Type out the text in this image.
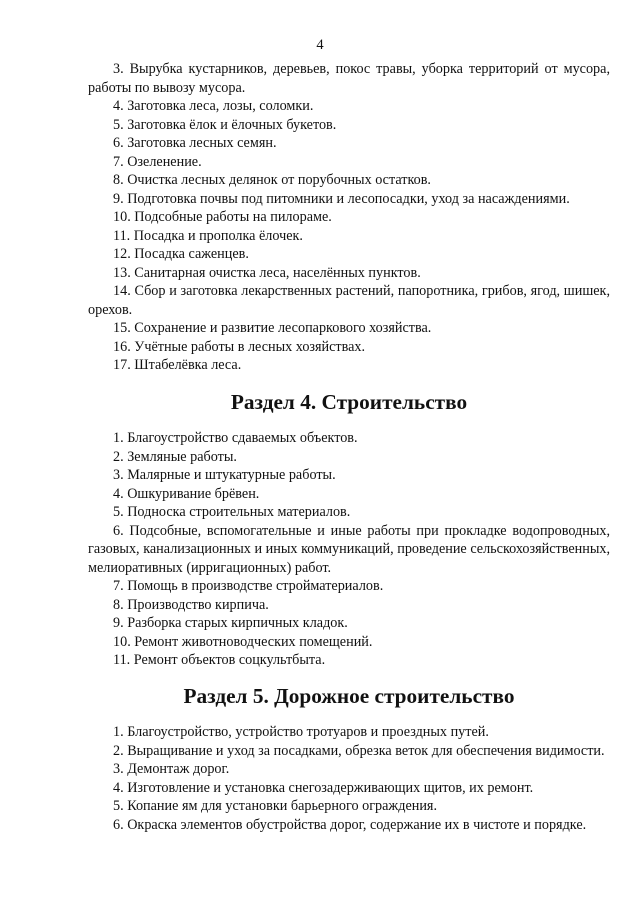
4

3. Вырубка кустарников, деревьев, покос травы, уборка территорий от мусора, работы по вывозу мусора.

4. Заготовка леса, лозы, соломки.

5. Заготовка ёлок и ёлочных букетов.

6. Заготовка лесных семян.

7. Озеленение.

8. Очистка лесных делянок от порубочных остатков.

9. Подготовка почвы под питомники и лесопосадки, уход за насаждениями.

10. Подсобные работы на пилораме.

11. Посадка и прополка ёлочек.

12. Посадка саженцев.

13. Санитарная очистка леса, населённых пунктов.

14. Сбор и заготовка лекарственных растений, папоротника, грибов, ягод, шишек, орехов.

15. Сохранение и развитие лесопаркового хозяйства.

16. Учётные работы в лесных хозяйствах.

17. Штабелёвка леса.

Раздел 4. Строительство

1. Благоустройство сдаваемых объектов.

2. Земляные работы.

3. Малярные и штукатурные работы.

4. Ошкуривание брёвен.

5. Подноска строительных материалов.

6. Подсобные, вспомогательные и иные работы при прокладке водопроводных, газовых, канализационных и иных коммуникаций, проведение сельскохозяйственных, мелиоративных (ирригационных) работ.

7. Помощь в производстве стройматериалов.

8. Производство кирпича.

9. Разборка старых кирпичных кладок.

10. Ремонт животноводческих помещений.

11. Ремонт объектов соцкультбыта.

Раздел 5. Дорожное строительство

1. Благоустройство, устройство тротуаров и проездных путей.

2. Выращивание и уход за посадками, обрезка веток для обеспечения видимости.

3. Демонтаж дорог.

4. Изготовление и установка снегозадерживающих щитов, их ремонт.

5. Копание ям для установки барьерного ограждения.

6. Окраска элементов обустройства дорог, содержание их в чистоте и порядке.
